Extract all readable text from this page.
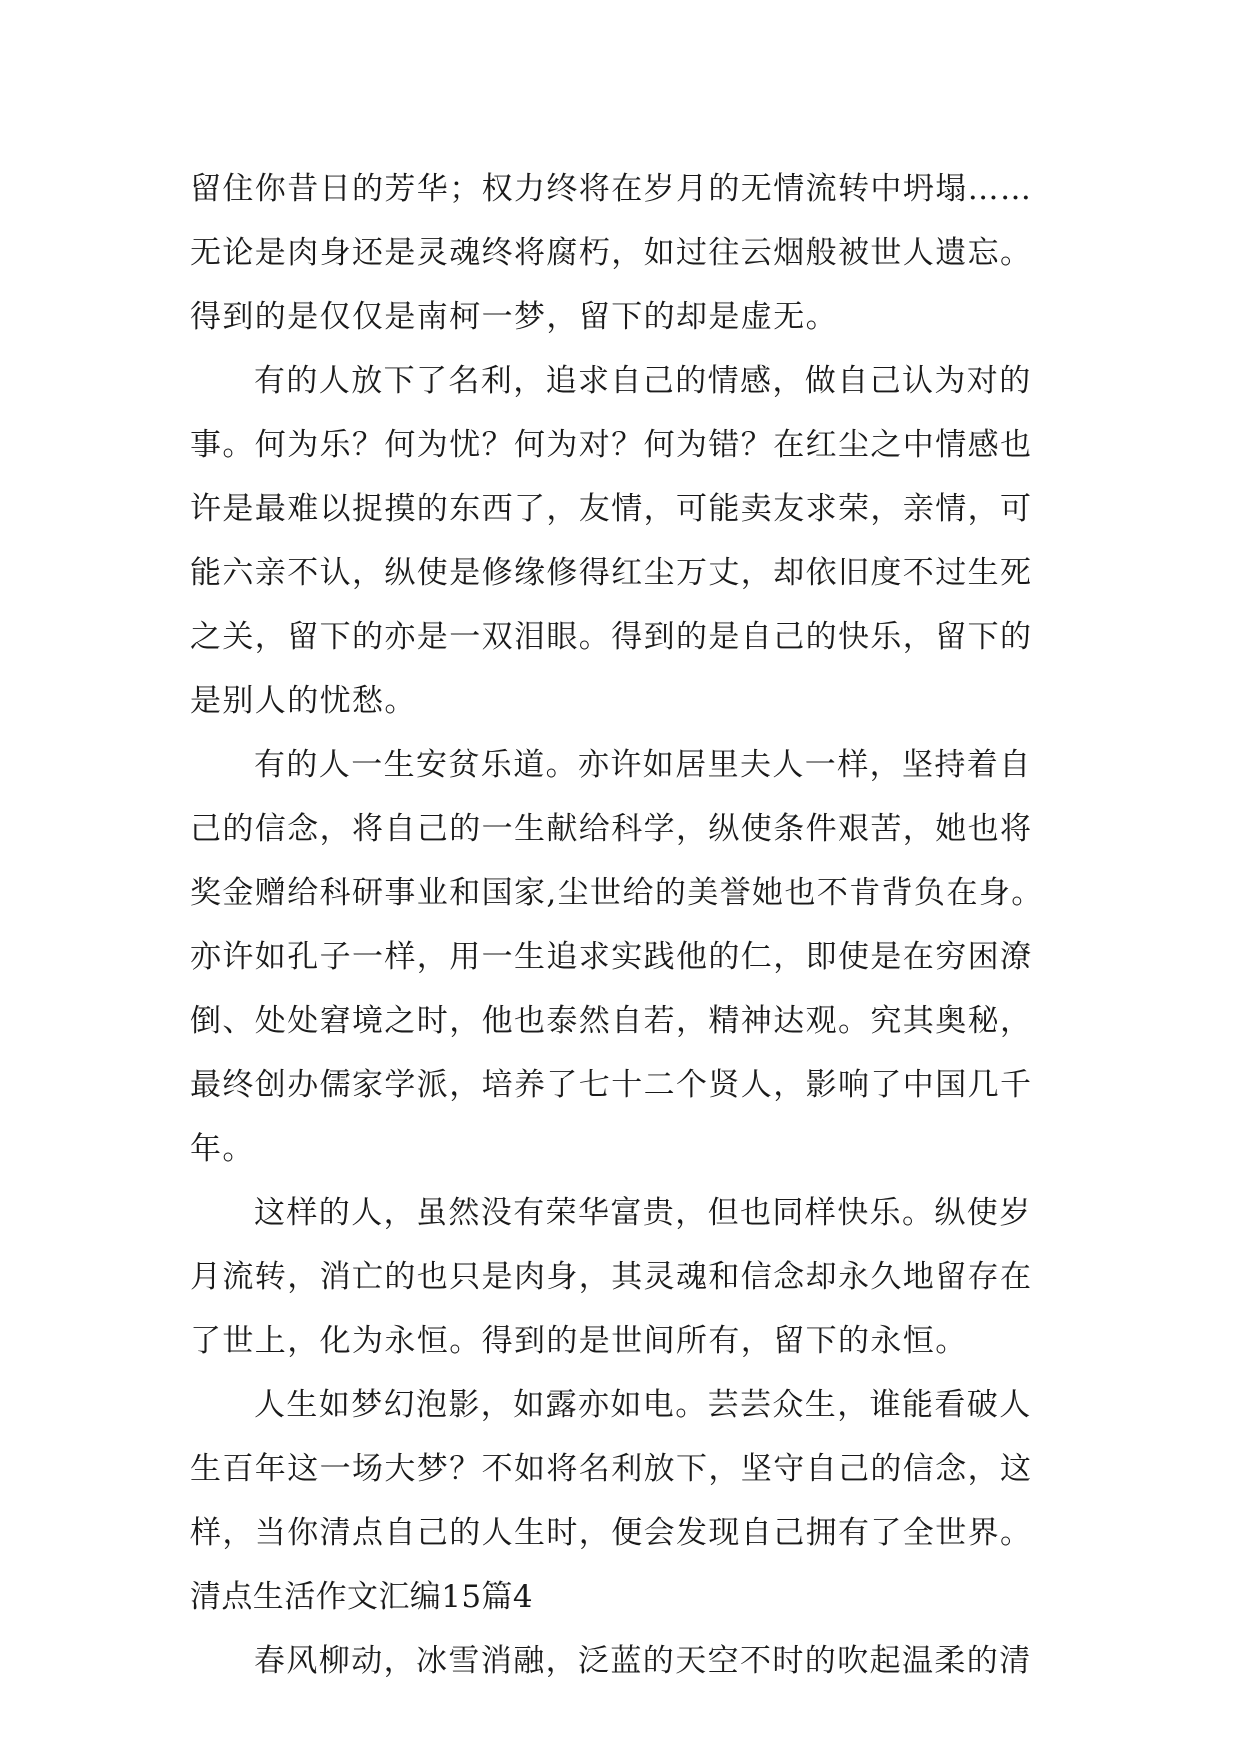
留住你昔日的芳华；权力终将在岁月的无情流转中坍塌……

无论是肉身还是灵魂终将腐朽，如过往云烟般被世人遗忘。

得到的是仅仅是南柯一梦，留下的却是虚无。

有的人放下了名利，追求自己的情感，做自己认为对的

事。何为乐？何为忧？何为对？何为错？在红尘之中情感也

许是最难以捉摸的东西了，友情，可能卖友求荣，亲情，可

能六亲不认，纵使是修缘修得红尘万丈，却依旧度不过生死

之关，留下的亦是一双泪眼。得到的是自己的快乐，留下的

是别人的忧愁。

有的人一生安贫乐道。亦许如居里夫人一样，坚持着自

己的信念，将自己的一生献给科学，纵使条件艰苦，她也将

奖金赠给科研事业和国家,尘世给的美誉她也不肯背负在身。

亦许如孔子一样，用一生追求实践他的仁，即使是在穷困潦

倒、处处窘境之时，他也泰然自若，精神达观。究其奥秘，

最终创办儒家学派，培养了七十二个贤人，影响了中国几千

年。

这样的人，虽然没有荣华富贵，但也同样快乐。纵使岁

月流转，消亡的也只是肉身，其灵魂和信念却永久地留存在

了世上，化为永恒。得到的是世间所有，留下的永恒。

人生如梦幻泡影，如露亦如电。芸芸众生，谁能看破人

生百年这一场大梦？不如将名利放下，坚守自己的信念，这

样，当你清点自己的人生时，便会发现自己拥有了全世界。

清点生活作文汇编15篇4

春风柳动，冰雪消融，泛蓝的天空不时的吹起温柔的清
